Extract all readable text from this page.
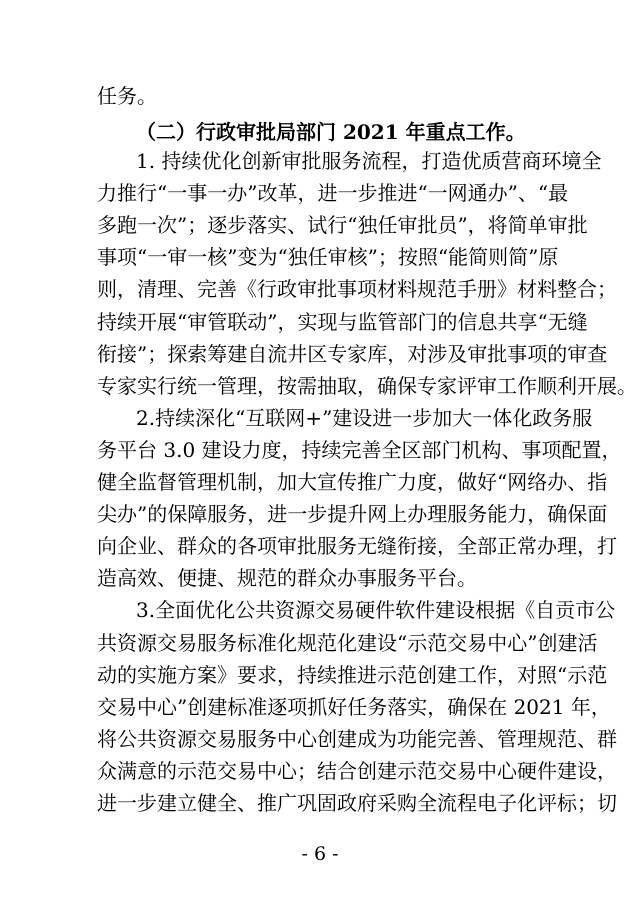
任务。
（二）行政审批局部门 2021 年重点工作。
1. 持续优化创新审批服务流程，打造优质营商环境全
力推行“一事一办”改革，进一步推进“一网通办”、“最
多跑一次”；逐步落实、试行“独任审批员”，将简单审批
事项“一审一核”变为“独任审核”；按照“能简则简”原
则，清理、完善《行政审批事项材料规范手册》材料整合；
持续开展“审管联动”，实现与监管部门的信息共享“无缝
衔接”；探索筹建自流井区专家库，对涉及审批事项的审查
专家实行统一管理，按需抽取，确保专家评审工作顺利开展。
2.持续深化“互联网+”建设进一步加大一体化政务服
务平台 3.0 建设力度，持续完善全区部门机构、事项配置，
健全监督管理机制，加大宣传推广力度，做好“网络办、指
尖办”的保障服务，进一步提升网上办理服务能力，确保面
向企业、群众的各项审批服务无缝衔接，全部正常办理，打
造高效、便捷、规范的群众办事服务平台。
3.全面优化公共资源交易硬件软件建设根据《自贡市公
共资源交易服务标准化规范化建设“示范交易中心”创建活
动的实施方案》要求，持续推进示范创建工作，对照“示范
交易中心”创建标准逐项抓好任务落实，确保在 2021 年，
将公共资源交易服务中心创建成为功能完善、管理规范、群
众满意的示范交易中心；结合创建示范交易中心硬件建设，
进一步建立健全、推广巩固政府采购全流程电子化评标；切
- 6 -
